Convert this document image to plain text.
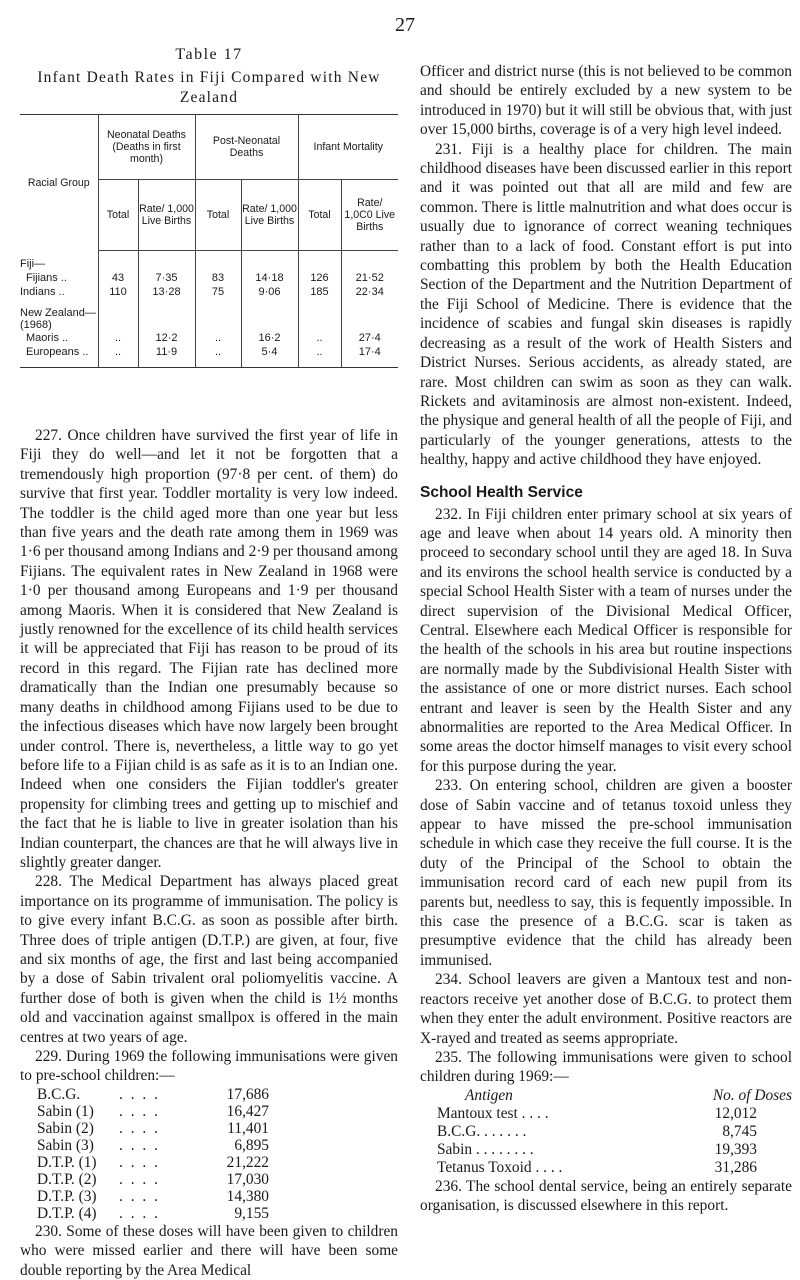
27
Table 17
Infant Death Rates in Fiji Compared with New Zealand
Racial Group	Neonatal Deaths (Deaths in first month)		Post-Neonatal Deaths		Infant Mortality	
	Total	Rate/ 1,000 Live Births	Total	Rate/ 1,000 Live Births	Total	Rate/ 1,0C0 Live Births
Fiji—						
Fijians ..	43	7·35	83	14·18	126	21·52
Indians ..	110	13·28	75	9·06	185	22·34
New Zealand— (1968)						
Maoris ..	..	12·2	..	16·2	..	27·4
Europeans ..	..	11·9	..	5·4	..	17·4

227. Once children have survived the first year of life in Fiji they do well—and let it not be forgotten that a tremendously high proportion (97·8 per cent. of them) do survive that first year. Toddler mortality is very low indeed. The toddler is the child aged more than one year but less than five years and the death rate among them in 1969 was 1·6 per thousand among Indians and 2·9 per thousand among Fijians. The equivalent rates in New Zealand in 1968 were 1·0 per thousand among Europeans and 1·9 per thousand among Maoris. When it is considered that New Zealand is justly renowned for the excellence of its child health services it will be appreciated that Fiji has reason to be proud of its record in this regard. The Fijian rate has declined more dramatically than the Indian one presumably because so many deaths in childhood among Fijians used to be due to the infectious diseases which have now largely been brought under control. There is, nevertheless, a little way to go yet before life to a Fijian child is as safe as it is to an Indian one. Indeed when one considers the Fijian toddler's greater propensity for climbing trees and getting up to mischief and the fact that he is liable to live in greater isolation than his Indian counterpart, the chances are that he will always live in slightly greater danger.

228. The Medical Department has always placed great importance on its programme of immunisation. The policy is to give every infant B.C.G. as soon as possible after birth. Three does of triple antigen (D.T.P.) are given, at four, five and six months of age, the first and last being accompanied by a dose of Sabin trivalent oral poliomyelitis vaccine. A further dose of both is given when the child is 1½ months old and vaccination against smallpox is offered in the main centres at two years of age.

229. During 1969 the following immunisations were given to pre-school children:—

B.C.G.	. . . .	17,686
Sabin (1)	. . . .	16,427
Sabin (2)	. . . .	11,401
Sabin (3)	. . . .	6,895
D.T.P. (1)	. . . .	21,222
D.T.P. (2)	. . . .	17,030
D.T.P. (3)	. . . .	14,380
D.T.P. (4)	. . . .	9,155

230. Some of these doses will have been given to children who were missed earlier and there will have been some double reporting by the Area Medical

Officer and district nurse (this is not believed to be common and should be entirely excluded by a new system to be introduced in 1970) but it will still be obvious that, with just over 15,000 births, coverage is of a very high level indeed.

231. Fiji is a healthy place for children. The main childhood diseases have been discussed earlier in this report and it was pointed out that all are mild and few are common. There is little malnutrition and what does occur is usually due to ignorance of correct weaning techniques rather than to a lack of food. Constant effort is put into combatting this problem by both the Health Education Section of the Department and the Nutrition Department of the Fiji School of Medicine. There is evidence that the incidence of scabies and fungal skin diseases is rapidly decreasing as a result of the work of Health Sisters and District Nurses. Serious accidents, as already stated, are rare. Most children can swim as soon as they can walk. Rickets and avitaminosis are almost non-existent. Indeed, the physique and general health of all the people of Fiji, and particularly of the younger generations, attests to the healthy, happy and active childhood they have enjoyed.

School Health Service

232. In Fiji children enter primary school at six years of age and leave when about 14 years old. A minority then proceed to secondary school until they are aged 18. In Suva and its environs the school health service is conducted by a special School Health Sister with a team of nurses under the direct supervision of the Divisional Medical Officer, Central. Elsewhere each Medical Officer is responsible for the health of the schools in his area but routine inspections are normally made by the Subdivisional Health Sister with the assistance of one or more district nurses. Each school entrant and leaver is seen by the Health Sister and any abnormalities are reported to the Area Medical Officer. In some areas the doctor himself manages to visit every school for this purpose during the year.

233. On entering school, children are given a booster dose of Sabin vaccine and of tetanus toxoid unless they appear to have missed the pre-school immunisation schedule in which case they receive the full course. It is the duty of the Principal of the School to obtain the immunisation record card of each new pupil from its parents but, needless to say, this is fequently impossible. In this case the presence of a B.C.G. scar is taken as presumptive evidence that the child has already been immunised.

234. School leavers are given a Mantoux test and non-reactors receive yet another dose of B.C.G. to protect them when they enter the adult environment. Positive reactors are X-rayed and treated as seems appropriate.

235. The following immunisations were given to school children during 1969:—

Antigen	No. of Doses
Mantoux test . . . .	12,012
B.C.G. . . . . . .	8,745
Sabin . . . . . . . .	19,393
Tetanus Toxoid . . . .	31,286

236. The school dental service, being an entirely separate organisation, is discussed elsewhere in this report.
